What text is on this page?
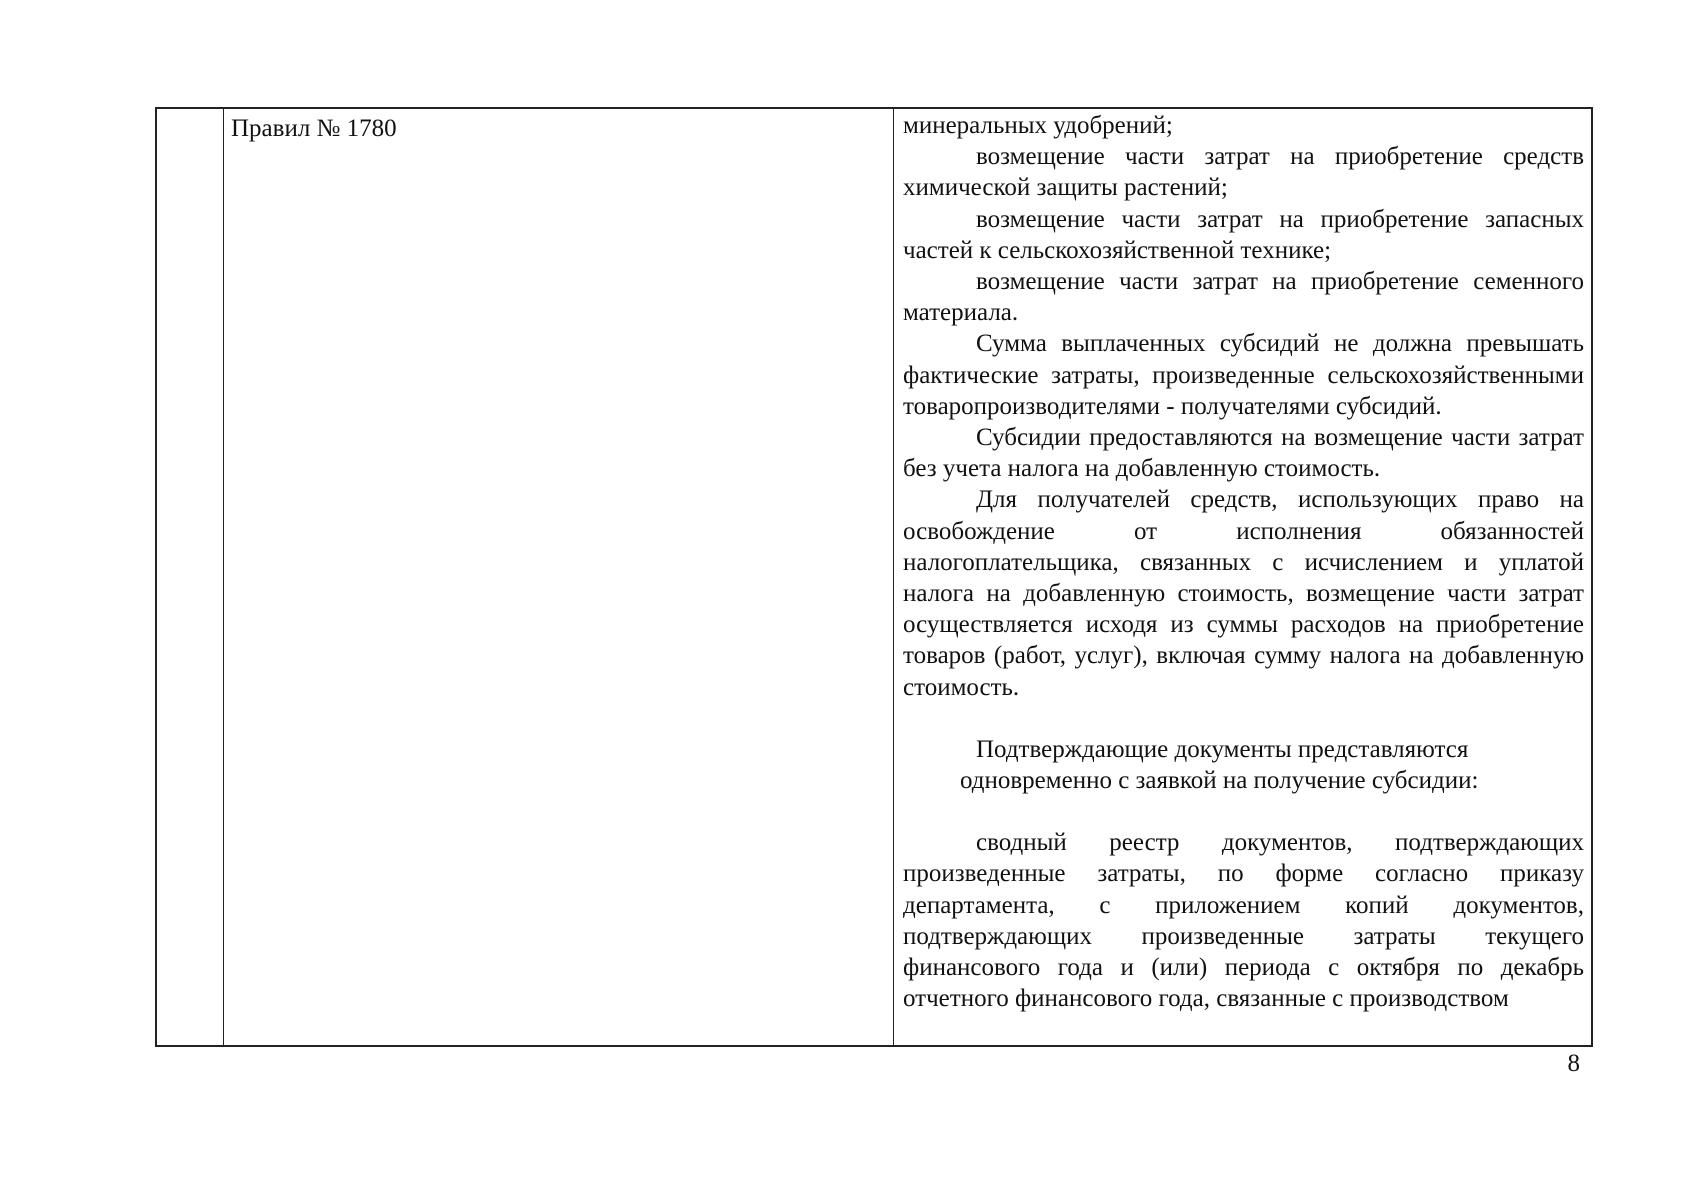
Правил № 1780	минеральных удобрений;

возмещение части затрат на приобретение средств химической защиты растений;

возмещение части затрат на приобретение запасных частей к сельскохозяйственной технике;

возмещение части затрат на приобретение семенного материала.

Сумма выплаченных субсидий не должна превышать фактические затраты, произведенные сельскохозяйственными товаропроизводителями - получателями субсидий.

Субсидии предоставляются на возмещение части затрат без учета налога на добавленную стоимость.

Для получателей средств, использующих право на освобождение от исполнения обязанностей налогоплательщика, связанных с исчислением и уплатой налога на добавленную стоимость, возмещение части затрат осуществляется исходя из суммы расходов на приобретение товаров (работ, услуг), включая сумму налога на добавленную стоимость.

Подтверждающие документы представляются
одновременно с заявкой на получение субсидии:

сводный реестр документов, подтверждающих произведенные затраты, по форме согласно приказу департамента, с приложением копий документов, подтверждающих произведенные затраты текущего финансового года и (или) периода с октября по декабрь отчетного финансового года, связанные с производством

8
